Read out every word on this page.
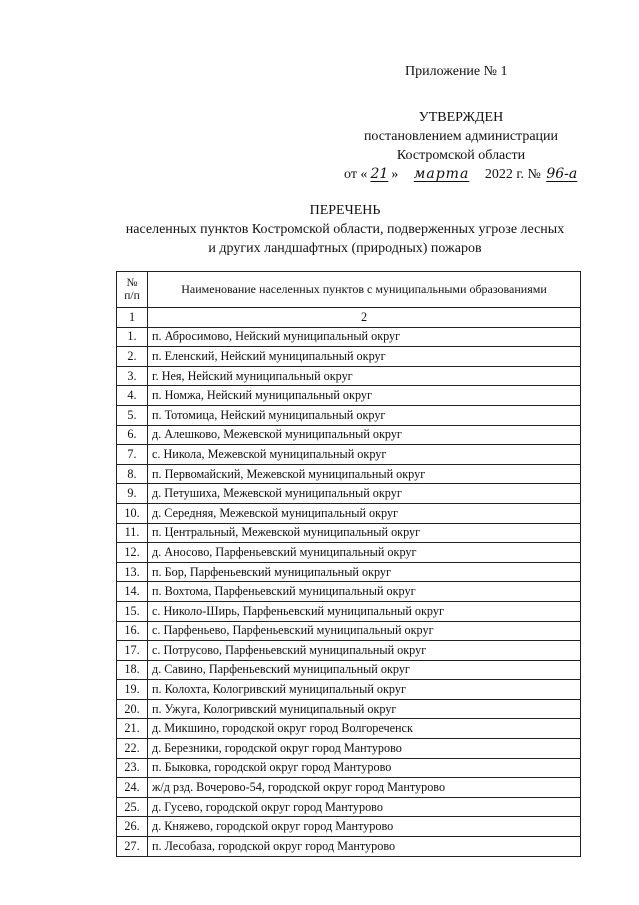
Приложение № 1
УТВЕРЖДЕН
постановлением администрации
Костромской области
от « 21 » марта 2022 г. № 96-а
ПЕРЕЧЕНЬ
населенных пунктов Костромской области, подверженных угрозе лесных
и других ландшафтных (природных) пожаров
№
п/п	Наименование населенных пунктов с муниципальными образованиями
1	2
1.	п. Абросимово, Нейский муниципальный округ
2.	п. Еленский, Нейский муниципальный округ
3.	г. Нея, Нейский муниципальный округ
4.	п. Номжа, Нейский муниципальный округ
5.	п. Тотомица, Нейский муниципальный округ
6.	д. Алешково, Межевской муниципальный округ
7.	с. Никола, Межевской муниципальный округ
8.	п. Первомайский, Межевской муниципальный округ
9.	д. Петушиха, Межевской муниципальный округ
10.	д. Середняя, Межевской муниципальный округ
11.	п. Центральный, Межевской муниципальный округ
12.	д. Аносово, Парфеньевский муниципальный округ
13.	п. Бор, Парфеньевский муниципальный округ
14.	п. Вохтома, Парфеньевский муниципальный округ
15.	с. Николо-Ширь, Парфеньевский муниципальный округ
16.	с. Парфеньево, Парфеньевский муниципальный округ
17.	с. Потрусово, Парфеньевский муниципальный округ
18.	д. Савино, Парфеньевский муниципальный округ
19.	п. Колохта, Кологривский муниципальный округ
20.	п. Ужуга, Кологривский муниципальный округ
21.	д. Микшино, городской округ город Волгореченск
22.	д. Березники, городской округ город Мантурово
23.	п. Быковка, городской округ город Мантурово
24.	ж/д рзд. Вочерово-54, городской округ город Мантурово
25.	д. Гусево, городской округ город Мантурово
26.	д. Княжево, городской округ город Мантурово
27.	п. Лесобаза, городской округ город Мантурово
